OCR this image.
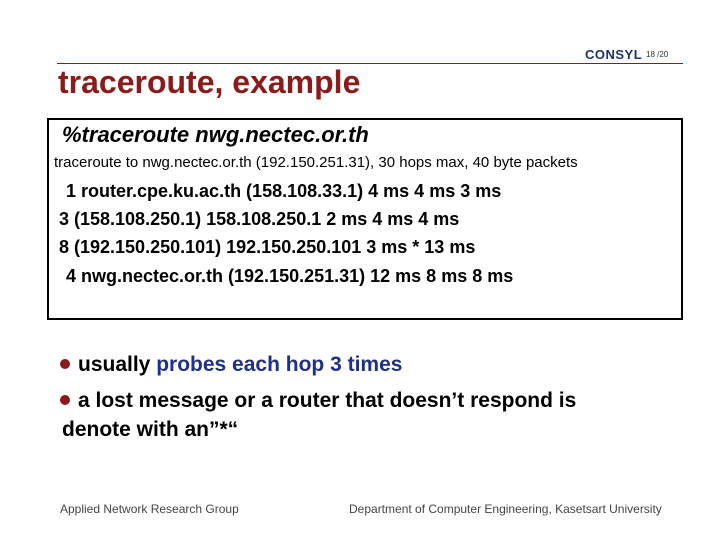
CONSYL 18 /20
traceroute, example
%traceroute nwg.nectec.or.th
traceroute to nwg.nectec.or.th (192.150.251.31), 30 hops max, 40 byte packets
1 router.cpe.ku.ac.th (158.108.33.1) 4 ms 4 ms 3 ms
3 (158.108.250.1) 158.108.250.1 2 ms 4 ms 4 ms
8 (192.150.250.101) 192.150.250.101 3 ms * 13 ms
4 nwg.nectec.or.th (192.150.251.31) 12 ms 8 ms 8 ms
usually probes each hop 3 times
a lost message or a router that doesn’t respond is
denote with an”*“
Applied Network Research Group	Department of Computer Engineering, Kasetsart University
